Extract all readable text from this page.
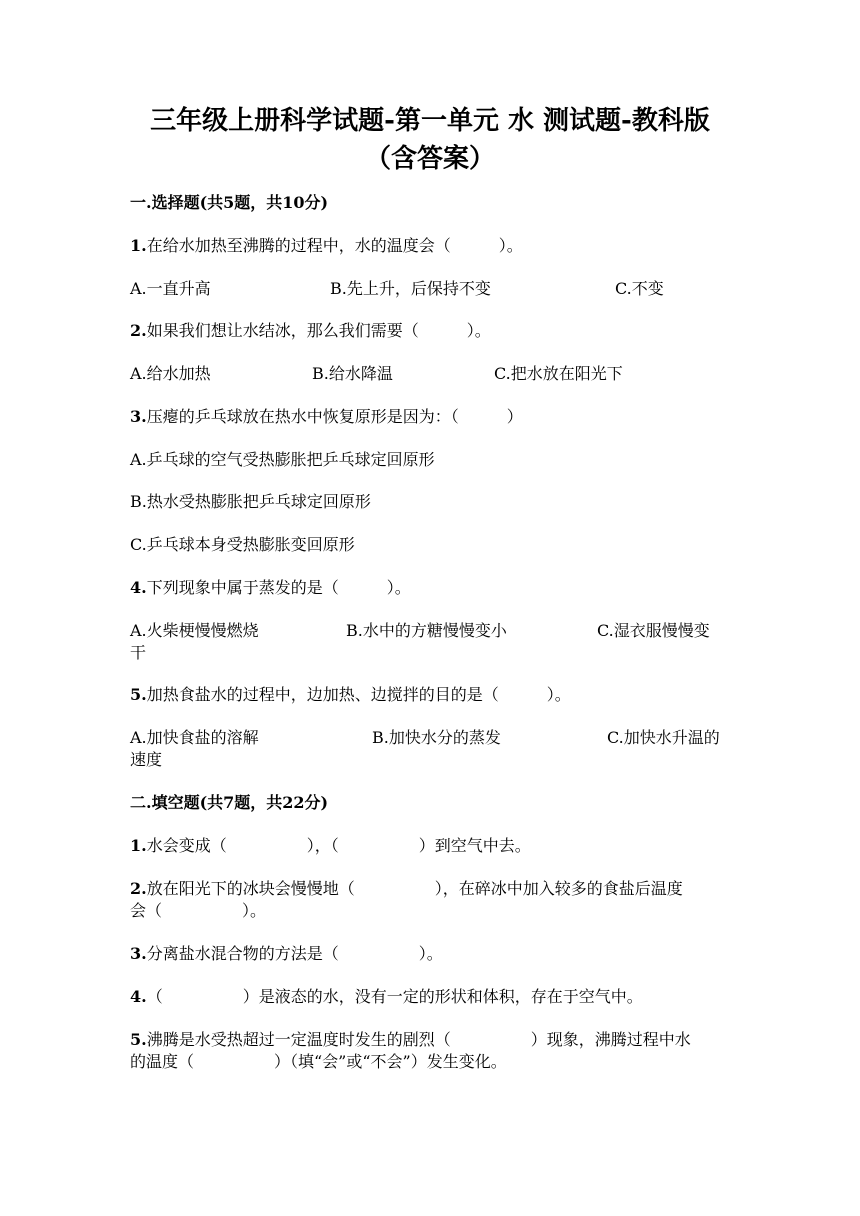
三年级上册科学试题-第一单元 水 测试题-教科版
（含答案）
一.选择题(共5题，共10分)
1.在给水加热至沸腾的过程中，水的温度会（　　　）。
A.一直升高	B.先上升，后保持不变	C.不变
2.如果我们想让水结冰，那么我们需要（　　　）。
A.给水加热	B.给水降温	C.把水放在阳光下
3.压瘪的乒乓球放在热水中恢复原形是因为：（　　　）
A.乒乓球的空气受热膨胀把乒乓球定回原形
B.热水受热膨胀把乒乓球定回原形
C.乒乓球本身受热膨胀变回原形
4.下列现象中属于蒸发的是（　　　）。
A.火柴梗慢慢燃烧	B.水中的方糖慢慢变小	C.湿衣服慢慢变
干
5.加热食盐水的过程中，边加热、边搅拌的目的是（　　　）。
A.加快食盐的溶解	B.加快水分的蒸发	C.加快水升温的
速度
二.填空题(共7题，共22分)
1.水会变成（　　　　　），（　　　　　）到空气中去。
2.放在阳光下的冰块会慢慢地（　　　　　），在碎冰中加入较多的食盐后温度
会（　　　　　）。
3.分离盐水混合物的方法是（　　　　　）。
4.（　　　　　）是液态的水，没有一定的形状和体积，存在于空气中。
5.沸腾是水受热超过一定温度时发生的剧烈（　　　　　）现象，沸腾过程中水
的温度（　　　　　）（填“会”或“不会”）发生变化。
